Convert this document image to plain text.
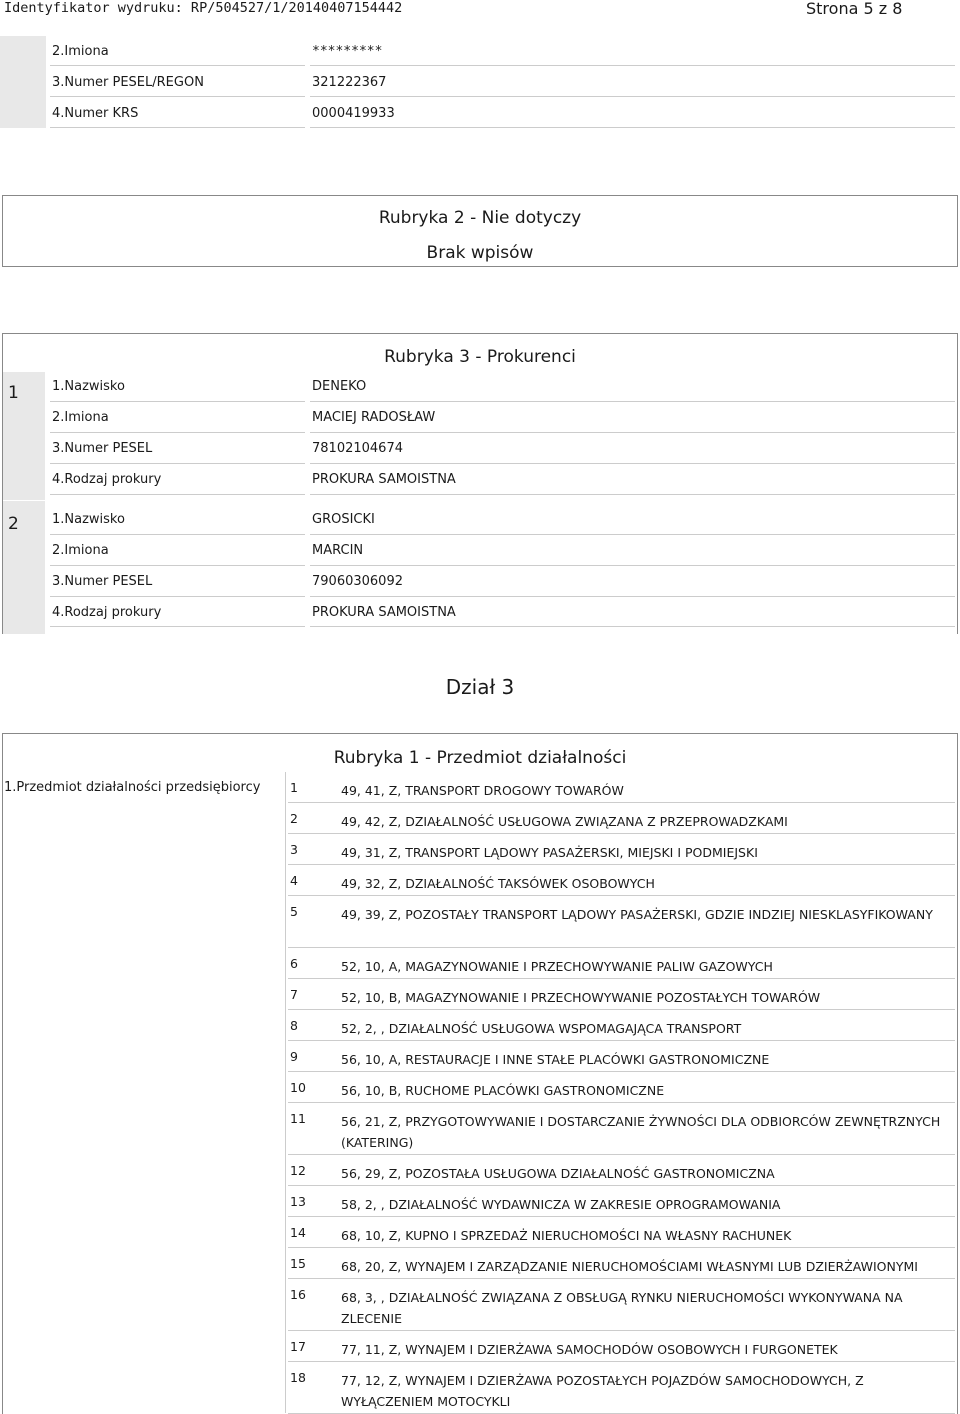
Identyfikator wydruku: RP/504527/1/20140407154442	Strona 5 z 8
2.Imiona	*********
3.Numer PESEL/REGON	321222367
4.Numer KRS	0000419933
Rubryka 2 - Nie dotyczy
Brak wpisów
Rubryka 3 - Prokurenci
1	1.Nazwisko	DENEKO
2.Imiona	MACIEJ RADOSŁAW
3.Numer PESEL	78102104674
4.Rodzaj prokury	PROKURA SAMOISTNA
2	1.Nazwisko	GROSICKI
2.Imiona	MARCIN
3.Numer PESEL	79060306092
4.Rodzaj prokury	PROKURA SAMOISTNA
Dział 3
Rubryka 1 - Przedmiot działalności
1.Przedmiot działalności przedsiębiorcy 1	49, 41, Z, TRANSPORT DROGOWY TOWARÓW
2	49, 42, Z, DZIAŁALNOŚĆ USŁUGOWA ZWIĄZANA Z PRZEPROWADZKAMI
3	49, 31, Z, TRANSPORT LĄDOWY PASAŻERSKI, MIEJSKI I PODMIEJSKI
4	49, 32, Z, DZIAŁALNOŚĆ TAKSÓWEK OSOBOWYCH
5	49, 39, Z, POZOSTAŁY TRANSPORT LĄDOWY PASAŻERSKI, GDZIE INDZIEJ NIESKLASYFIKOWANY
6	52, 10, A, MAGAZYNOWANIE I PRZECHOWYWANIE PALIW GAZOWYCH
7	52, 10, B, MAGAZYNOWANIE I PRZECHOWYWANIE POZOSTAŁYCH TOWARÓW
8	52, 2, , DZIAŁALNOŚĆ USŁUGOWA WSPOMAGAJĄCA TRANSPORT
9	56, 10, A, RESTAURACJE I INNE STAŁE PLACÓWKI GASTRONOMICZNE
10	56, 10, B, RUCHOME PLACÓWKI GASTRONOMICZNE
11	56, 21, Z, PRZYGOTOWYWANIE I DOSTARCZANIE ŻYWNOŚCI DLA ODBIORCÓW ZEWNĘTRZNYCH (KATERING)
12	56, 29, Z, POZOSTAŁA USŁUGOWA DZIAŁALNOŚĆ GASTRONOMICZNA
13	58, 2, , DZIAŁALNOŚĆ WYDAWNICZA W ZAKRESIE OPROGRAMOWANIA
14	68, 10, Z, KUPNO I SPRZEDAŻ NIERUCHOMOŚCI NA WŁASNY RACHUNEK
15	68, 20, Z, WYNAJEM I ZARZĄDZANIE NIERUCHOMOŚCIAMI WŁASNYMI LUB DZIERŻAWIONYMI
16	68, 3, , DZIAŁALNOŚĆ ZWIĄZANA Z OBSŁUGĄ RYNKU NIERUCHOMOŚCI WYKONYWANA NA ZLECENIE
17	77, 11, Z, WYNAJEM I DZIERŻAWA SAMOCHODÓW OSOBOWYCH I FURGONETEK
18	77, 12, Z, WYNAJEM I DZIERŻAWA POZOSTAŁYCH POJAZDÓW SAMOCHODOWYCH, Z WYŁĄCZENIEM MOTOCYKLI
